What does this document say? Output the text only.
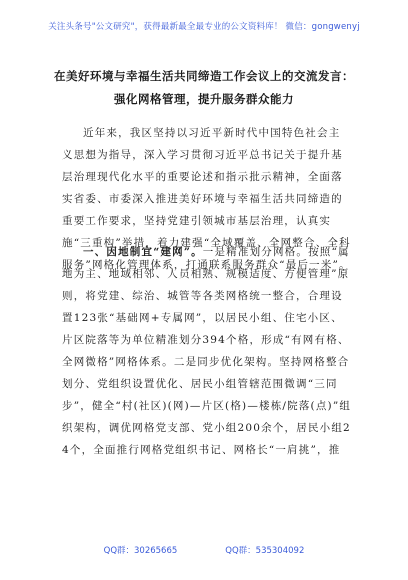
关注头条号"公文研究"，获得最新最全最专业的公文资料库！ 微信：gongwenyj
在美好环境与幸福生活共同缔造工作会议上的交流发言：
强化网格管理，提升服务群众能力
近年来，我区坚持以习近平新时代中国特色社会主义思想为指导，深入学习贯彻习近平总书记关于提升基层治理现代化水平的重要论述和指示批示精神，全面落实省委、市委深入推进美好环境与幸福生活共同缔造的重要工作要求，坚持党建引领城市基层治理，认真实施“三重构”举措，着力建强“全域覆盖、全网整合、全科服务”网格化管理体系，打通联系服务群众“最后一米”。
一、因地制宜“建网”。一是精准划分网格。按照“属地为主、地域相邻、人员相熟、规模适度、方便管理”原则，将党建、综治、城管等各类网格统一整合，合理设置123张“基础网+专属网”，以居民小组、住宅小区、片区院落等为单位精准划分394个格，形成“有网有格、全网微格”网格体系。二是同步优化架构。坚持网格整合划分、党组织设置优化、居民小组管辖范围微调“三同步”，健全“村(社区)(网)—片区(格)—楼栋/院落(点)”组织架构，调优网格党支部、党小组200余个，居民小组24个，全面推行网格党组织书记、网格长“一肩挑”，推
QQ群：30265665	QQ群：535304092
